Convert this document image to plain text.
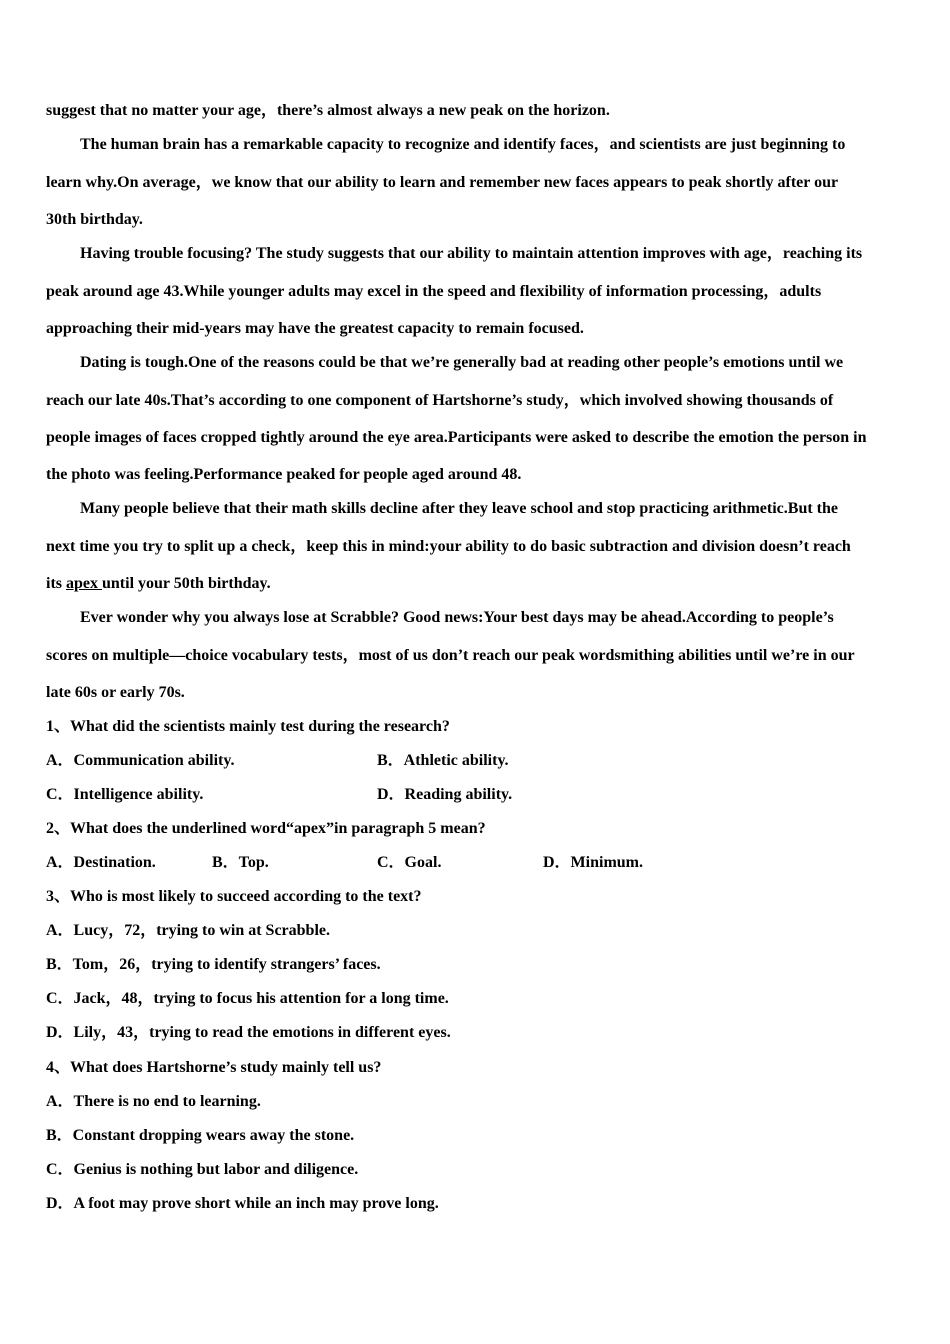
suggest that no matter your age，there’s almost always a new peak on the horizon.
The human brain has a remarkable capacity to recognize and identify faces，and scientists are just beginning to
learn why.On average，we know that our ability to learn and remember new faces appears to peak shortly after our
30th birthday.
Having trouble focusing? The study suggests that our ability to maintain attention improves with age，reaching its
peak around age 43.While younger adults may excel in the speed and flexibility of information processing，adults
approaching their mid-years may have the greatest capacity to remain focused.
Dating is tough.One of the reasons could be that we’re generally bad at reading other people’s emotions until we
reach our late 40s.That’s according to one component of Hartshorne’s study，which involved showing thousands of
people images of faces cropped tightly around the eye area.Participants were asked to describe the emotion the person in
the photo was feeling.Performance peaked for people aged around 48.
Many people believe that their math skills decline after they leave school and stop practicing arithmetic.But the
next time you try to split up a check，keep this in mind:your ability to do basic subtraction and division doesn’t reach
its apex until your 50th birthday.
Ever wonder why you always lose at Scrabble? Good news:Your best days may be ahead.According to people’s
scores on multiple—choice vocabulary tests，most of us don’t reach our peak wordsmithing abilities until we’re in our
late 60s or early 70s.
1、What did the scientists mainly test during the research?
A．Communication ability.	B．Athletic ability.
C．Intelligence ability.	D．Reading ability.
2、What does the underlined word“apex”in paragraph 5 mean?
A．Destination.	B．Top.	C．Goal.	D．Minimum.
3、Who is most likely to succeed according to the text?
A．Lucy，72，trying to win at Scrabble.
B．Tom，26，trying to identify strangers’ faces.
C．Jack，48，trying to focus his attention for a long time.
D．Lily，43，trying to read the emotions in different eyes.
4、What does Hartshorne’s study mainly tell us?
A．There is no end to learning.
B．Constant dropping wears away the stone.
C．Genius is nothing but labor and diligence.
D．A foot may prove short while an inch may prove long.
